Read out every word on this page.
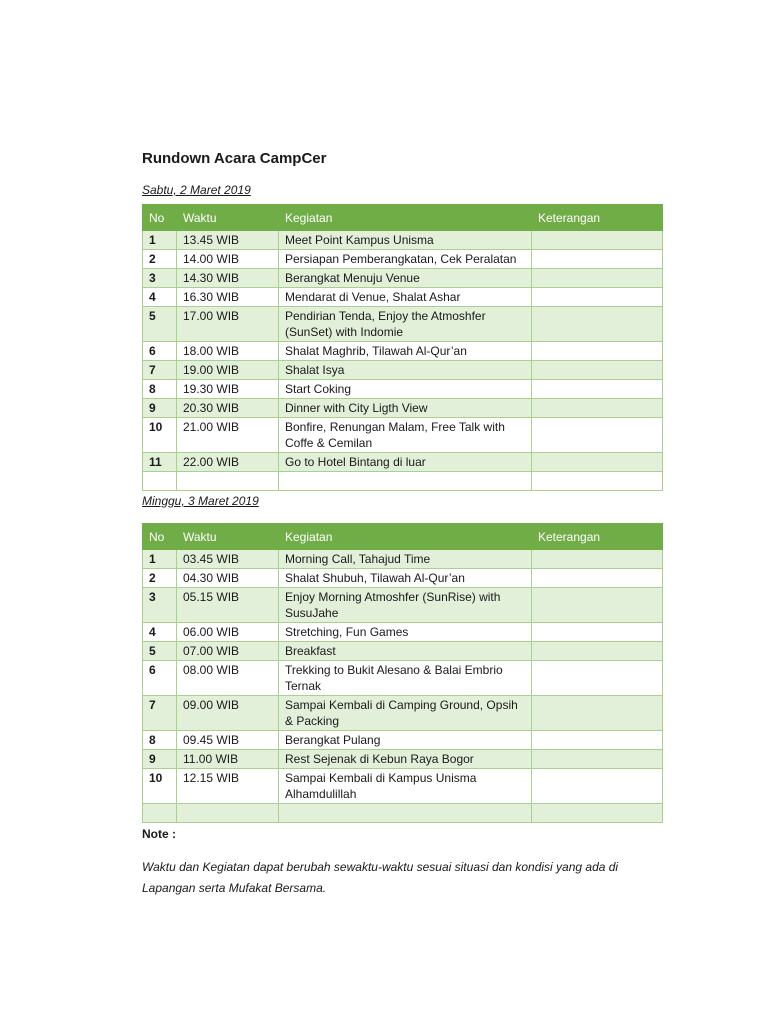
Rundown Acara CampCer
Sabtu, 2 Maret 2019
No	Waktu	Kegiatan	Keterangan
1	13.45 WIB	Meet Point Kampus Unisma	
2	14.00 WIB	Persiapan Pemberangkatan, Cek Peralatan	
3	14.30 WIB	Berangkat Menuju Venue	
4	16.30 WIB	Mendarat di Venue, Shalat Ashar	
5	17.00 WIB	Pendirian Tenda, Enjoy the Atmoshfer (SunSet) with Indomie	
6	18.00 WIB	Shalat Maghrib, Tilawah Al-Qur’an	
7	19.00 WIB	Shalat Isya	
8	19.30 WIB	Start Coking	
9	20.30 WIB	Dinner with City Ligth View	
10	21.00 WIB	Bonfire, Renungan Malam, Free Talk with Coffe & Cemilan	
11	22.00 WIB	Go to Hotel Bintang di luar	

Minggu, 3 Maret 2019
No	Waktu	Kegiatan	Keterangan
1	03.45 WIB	Morning Call, Tahajud Time	
2	04.30 WIB	Shalat Shubuh, Tilawah Al-Qur’an	
3	05.15 WIB	Enjoy Morning Atmoshfer (SunRise) with SusuJahe	
4	06.00 WIB	Stretching, Fun Games	
5	07.00 WIB	Breakfast	
6	08.00 WIB	Trekking to Bukit Alesano & Balai Embrio Ternak	
7	09.00 WIB	Sampai Kembali di Camping Ground, Opsih & Packing	
8	09.45 WIB	Berangkat Pulang	
9	11.00 WIB	Rest Sejenak di Kebun Raya Bogor	
10	12.15 WIB	Sampai Kembali di Kampus Unisma Alhamdulillah	

Note :
Waktu dan Kegiatan dapat berubah sewaktu-waktu sesuai situasi dan kondisi yang ada di Lapangan serta Mufakat Bersama.
